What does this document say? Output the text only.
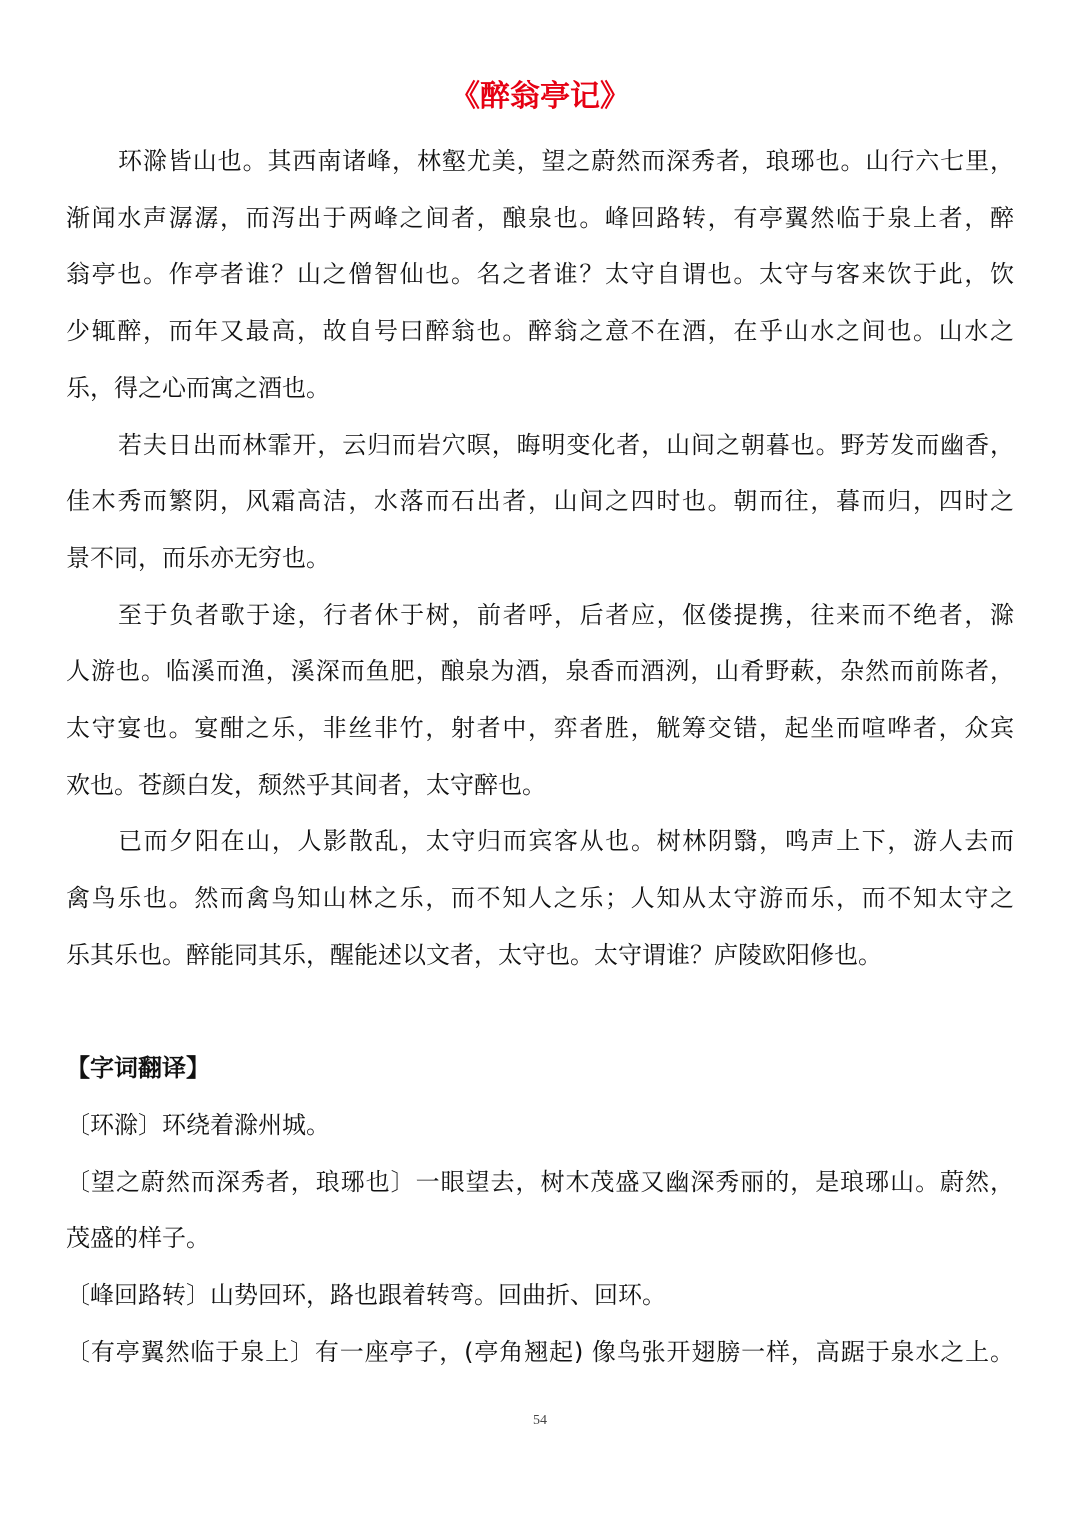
《醉翁亭记》
环滁皆山也。其西南诸峰，林壑尤美，望之蔚然而深秀者，琅琊也。山行六七里，
渐闻水声潺潺，而泻出于两峰之间者，酿泉也。峰回路转，有亭翼然临于泉上者，醉
翁亭也。作亭者谁？山之僧智仙也。名之者谁？太守自谓也。太守与客来饮于此，饮
少辄醉，而年又最高，故自号曰醉翁也。醉翁之意不在酒，在乎山水之间也。山水之
乐，得之心而寓之酒也。
若夫日出而林霏开，云归而岩穴暝，晦明变化者，山间之朝暮也。野芳发而幽香，
佳木秀而繁阴，风霜高洁，水落而石出者，山间之四时也。朝而往，暮而归，四时之
景不同，而乐亦无穷也。
至于负者歌于途，行者休于树，前者呼，后者应，伛偻提携，往来而不绝者，滁
人游也。临溪而渔，溪深而鱼肥，酿泉为酒，泉香而酒洌，山肴野蔌，杂然而前陈者，
太守宴也。宴酣之乐，非丝非竹，射者中，弈者胜，觥筹交错，起坐而喧哗者，众宾
欢也。苍颜白发，颓然乎其间者，太守醉也。
已而夕阳在山，人影散乱，太守归而宾客从也。树林阴翳，鸣声上下，游人去而
禽鸟乐也。然而禽鸟知山林之乐，而不知人之乐；人知从太守游而乐，而不知太守之
乐其乐也。醉能同其乐，醒能述以文者，太守也。太守谓谁？庐陵欧阳修也。
【字词翻译】
〔环滁〕环绕着滁州城。
〔望之蔚然而深秀者，琅琊也〕一眼望去，树木茂盛又幽深秀丽的，是琅琊山。蔚然，
茂盛的样子。
〔峰回路转〕山势回环，路也跟着转弯。回曲折、回环。
〔有亭翼然临于泉上〕有一座亭子，(亭角翘起) 像鸟张开翅膀一样，高踞于泉水之上。
54
